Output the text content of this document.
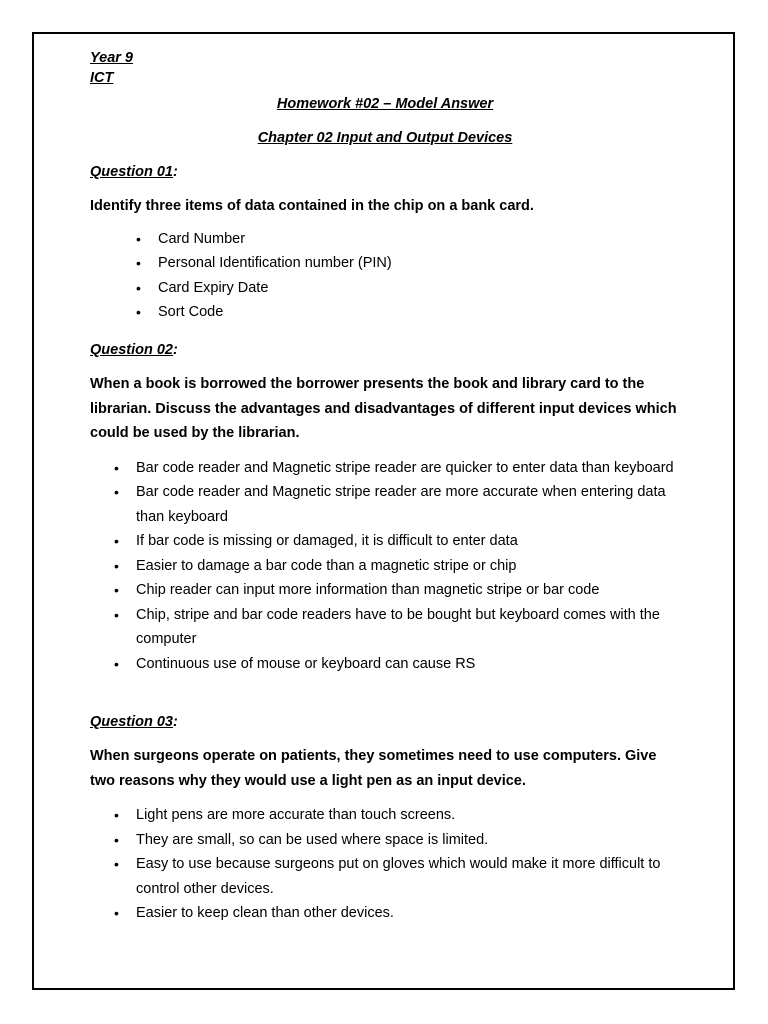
Year 9
ICT
Homework #02 – Model Answer
Chapter 02 Input and Output Devices
Question 01:
Identify three items of data contained in the chip on a bank card.
• Card Number
• Personal Identification number (PIN)
• Card Expiry Date
• Sort Code
Question 02:
When a book is borrowed the borrower presents the book and library card to the librarian. Discuss the advantages and disadvantages of different input devices which could be used by the librarian.
• Bar code reader and Magnetic stripe reader are quicker to enter data than keyboard
• Bar code reader and Magnetic stripe reader are more accurate when entering data than keyboard
• If bar code is missing or damaged, it is difficult to enter data
• Easier to damage a bar code than a magnetic stripe or chip
• Chip reader can input more information than magnetic stripe or bar code
• Chip, stripe and bar code readers have to be bought but keyboard comes with the computer
• Continuous use of mouse or keyboard can cause RS
Question 03:
When surgeons operate on patients, they sometimes need to use computers. Give two reasons why they would use a light pen as an input device.
• Light pens are more accurate than touch screens.
• They are small, so can be used where space is limited.
• Easy to use because surgeons put on gloves which would make it more difficult to control other devices.
• Easier to keep clean than other devices.
